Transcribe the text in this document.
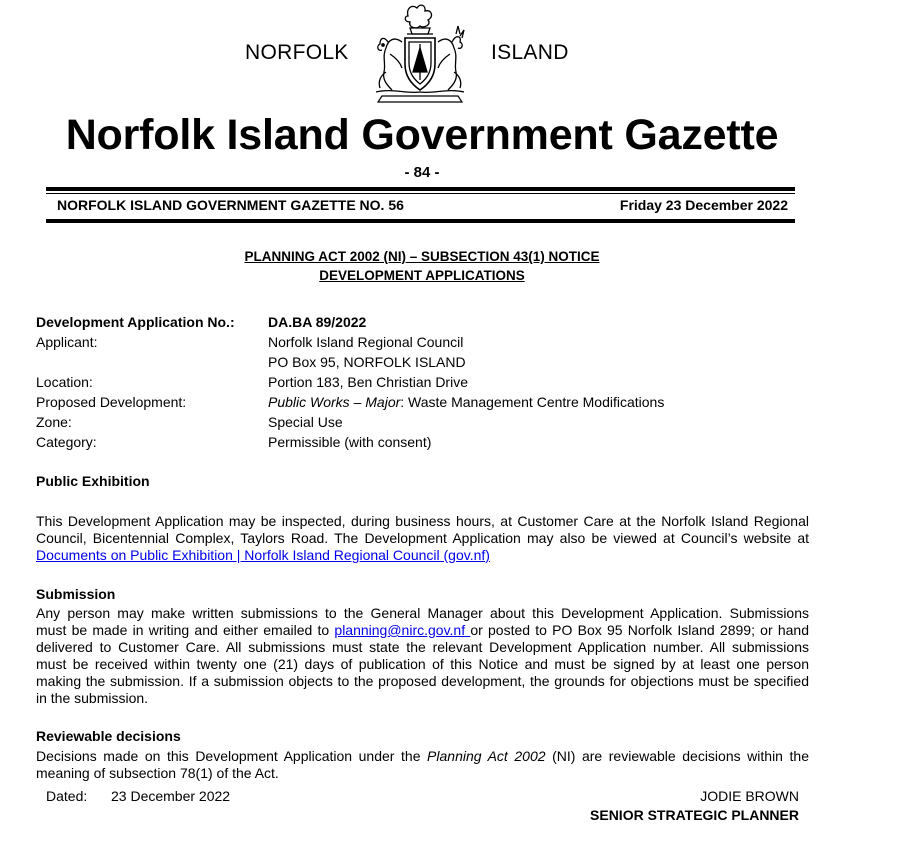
NORFOLK	ISLAND
Norfolk Island Government Gazette
- 84 -
NORFOLK ISLAND GOVERNMENT GAZETTE NO. 56	Friday 23 December 2022
PLANNING ACT 2002 (NI) – SUBSECTION 43(1) NOTICE
DEVELOPMENT APPLICATIONS
Development Application No.: DA.BA 89/2022
Applicant:	Norfolk Island Regional Council
PO Box 95, NORFOLK ISLAND
Location:	Portion 183, Ben Christian Drive
Proposed Development:	Public Works – Major: Waste Management Centre Modifications
Zone:	Special Use
Category:	Permissible (with consent)
Public Exhibition
This Development Application may be inspected, during business hours, at Customer Care at the Norfolk Island Regional
Council, Bicentennial Complex, Taylors Road. The Development Application may also be viewed at Council’s website at
Documents on Public Exhibition | Norfolk Island Regional Council (gov.nf)
Submission
Any person may make written submissions to the General Manager about this Development Application. Submissions
must be made in writing and either emailed to planning@nirc.gov.nf or posted to PO Box 95 Norfolk Island 2899; or hand
delivered to Customer Care. All submissions must state the relevant Development Application number. All submissions
must be received within twenty one (21) days of publication of this Notice and must be signed by at least one person
making the submission. If a submission objects to the proposed development, the grounds for objections must be specified
in the submission.
Reviewable decisions
Decisions made on this Development Application under the Planning Act 2002 (NI) are reviewable decisions within the
meaning of subsection 78(1) of the Act.
Dated: 23 December 2022	JODIE BROWN
SENIOR STRATEGIC PLANNER
